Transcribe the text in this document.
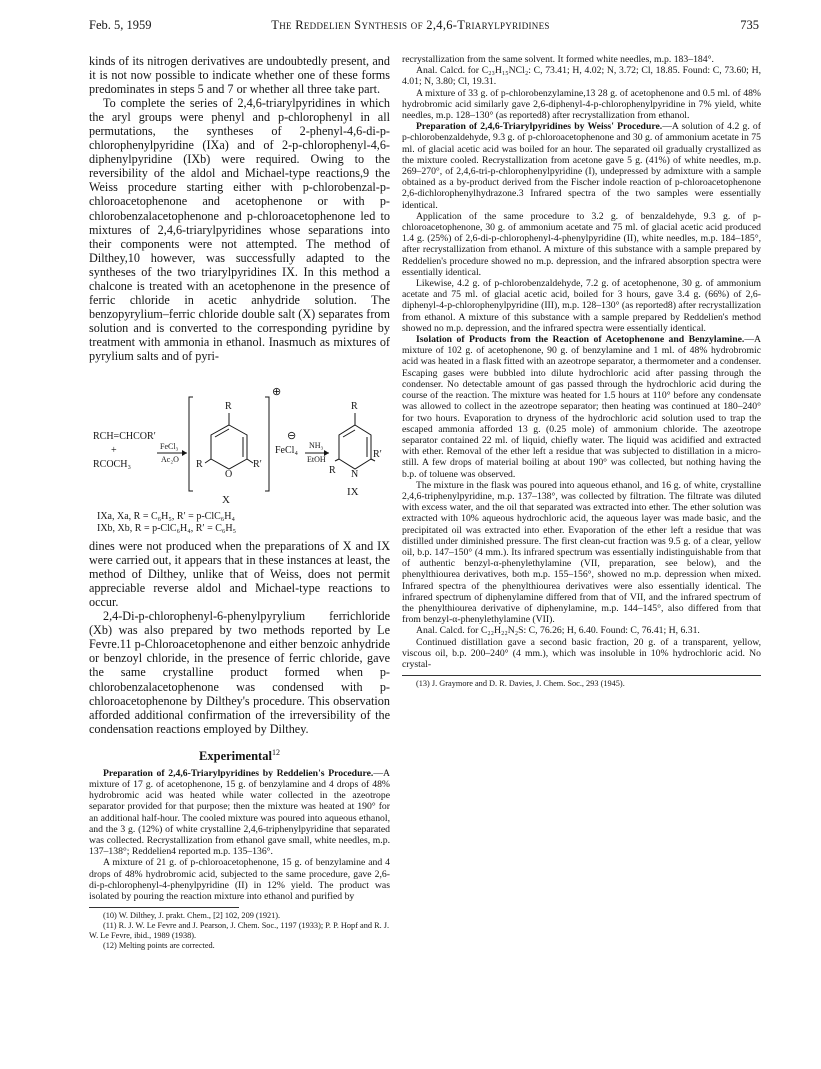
Feb. 5, 1959	The Reddelien Synthesis of 2,4,6-Triarylpyridines	735

kinds of its nitrogen derivatives are undoubtedly present, and it is not now possible to indicate whether one of these forms predominates in steps 5 and 7 or whether all three take part.

To complete the series of 2,4,6-triarylpyridines in which the aryl groups were phenyl and p-chlorophenyl in all permutations, the syntheses of 2-phenyl-4,6-di-p-chlorophenylpyridine (IXa) and of 2-p-chlorophenyl-4,6-diphenylpyridine (IXb) were required. Owing to the reversibility of the aldol and Michael-type reactions,9 the Weiss procedure starting either with p-chlorobenzal-p-chloroacetophenone and acetophenone or with p-chlorobenzalacetophenone and p-chloroacetophenone led to mixtures of 2,4,6-triarylpyridines whose separations into their components were not attempted. The method of Dilthey,10 however, was successfully adapted to the syntheses of the two triarylpyridines IX. In this method a chalcone is treated with an acetophenone in the presence of ferric chloride in acetic anhydride solution. The benzopyrylium–ferric chloride double salt (X) separates from solution and is converted to the corresponding pyridine by treatment with ammonia in ethanol. Inasmuch as mixtures of pyrylium salts and of pyri-

RCH=CHCOR′
+
RCOCH₃
FeCl₃
Ac₂O
⊕
R
O
R	R′
FeCl₄
⊖
NH₃
EtOH
R
N
R
R′
X
IX
IXa, Xa, R = C₆H₅, R′ = p-ClC₆H₄
IXb, Xb, R = p-ClC₆H₄, R′ = C₆H₅

dines were not produced when the preparations of X and IX were carried out, it appears that in these instances at least, the method of Dilthey, unlike that of Weiss, does not permit appreciable reverse aldol and Michael-type reactions to occur.

2,4-Di-p-chlorophenyl-6-phenylpyrylium ferrichloride (Xb) was also prepared by two methods reported by Le Fevre.11 p-Chloroacetophenone and either benzoic anhydride or benzoyl chloride, in the presence of ferric chloride, gave the same crystalline product formed when p-chlorobenzalacetophenone was condensed with p-chloroacetophenone by Dilthey's procedure. This observation afforded additional confirmation of the irreversibility of the condensation reactions employed by Dilthey.

Experimental$^{12}$

Preparation of 2,4,6-Triarylpyridines by Reddelien's Procedure.—A mixture of 17 g. of acetophenone, 15 g. of benzylamine and 4 drops of 48% hydrobromic acid was heated while water collected in the azeotrope separator provided for that purpose; then the mixture was heated at 190° for an additional half-hour. The cooled mixture was poured into aqueous ethanol, and the 3 g. (12%) of white crystalline 2,4,6-triphenylpyridine that separated was collected. Recrystallization from ethanol gave small, white needles, m.p. 137–138°; Reddelien4 reported m.p. 135–136°.

A mixture of 21 g. of p-chloroacetophenone, 15 g. of benzylamine and 4 drops of 48% hydrobromic acid, subjected to the same procedure, gave 2,6-di-p-chlorophenyl-4-phenylpyridine (II) in 12% yield. The product was isolated by pouring the reaction mixture into ethanol and purified by

(10) W. Dilthey, J. prakt. Chem., [2] 102, 209 (1921).

(11) R. J. W. Le Fevre and J. Pearson, J. Chem. Soc., 1197 (1933); P. P. Hopf and R. J. W. Le Fevre, ibid., 1989 (1938).

(12) Melting points are corrected.

recrystallization from the same solvent. It formed white needles, m.p. 183–184°.

Anal. Calcd. for C₂₃H₁₅NCl₂: C, 73.41; H, 4.02; N, 3.72; Cl, 18.85. Found: C, 73.60; H, 4.01; N, 3.80; Cl, 19.31.

A mixture of 33 g. of p-chlorobenzylamine,13 28 g. of acetophenone and 0.5 ml. of 48% hydrobromic acid similarly gave 2,6-diphenyl-4-p-chlorophenylpyridine in 7% yield, white needles, m.p. 128–130° (as reported8) after recrystallization from ethanol.

Preparation of 2,4,6-Triarylpyridines by Weiss' Procedure.—A solution of 4.2 g. of p-chlorobenzaldehyde, 9.3 g. of p-chloroacetophenone and 30 g. of ammonium acetate in 75 ml. of glacial acetic acid was boiled for an hour. The separated oil gradually crystallized as the mixture cooled. Recrystallization from acetone gave 5 g. (41%) of white needles, m.p. 269–270°, of 2,4,6-tri-p-chlorophenylpyridine (I), undepressed by admixture with a sample obtained as a by-product derived from the Fischer indole reaction of p-chloroacetophenone 2,6-dichlorophenylhydrazone.3 Infrared spectra of the two samples were essentially identical.

Application of the same procedure to 3.2 g. of benzaldehyde, 9.3 g. of p-chloroacetophenone, 30 g. of ammonium acetate and 75 ml. of glacial acetic acid produced 1.4 g. (25%) of 2,6-di-p-chlorophenyl-4-phenylpyridine (II), white needles, m.p. 184–185°, after recrystallization from ethanol. A mixture of this substance with a sample prepared by Reddelien's procedure showed no m.p. depression, and the infrared absorption spectra were essentially identical.

Likewise, 4.2 g. of p-chlorobenzaldehyde, 7.2 g. of acetophenone, 30 g. of ammonium acetate and 75 ml. of glacial acetic acid, boiled for 3 hours, gave 3.4 g. (66%) of 2,6-diphenyl-4-p-chlorophenylpyridine (III), m.p. 128–130° (as reported8) after recrystallization from ethanol. A mixture of this substance with a sample prepared by Reddelien's method showed no m.p. depression, and the infrared spectra were essentially identical.

Isolation of Products from the Reaction of Acetophenone and Benzylamine.—A mixture of 102 g. of acetophenone, 90 g. of benzylamine and 1 ml. of 48% hydrobromic acid was heated in a flask fitted with an azeotrope separator, a thermometer and a condenser. Escaping gases were bubbled into dilute hydrochloric acid after passing through the condenser. No detectable amount of gas passed through the hydrochloric acid during the course of the reaction. The mixture was heated for 1.5 hours at 110° before any condensate was allowed to collect in the azeotrope separator; then heating was continued at 180–240° for two hours. Evaporation to dryness of the hydrochloric acid solution used to trap the escaped ammonia afforded 13 g. (0.25 mole) of ammonium chloride. The azeotrope separator contained 22 ml. of liquid, chiefly water. The liquid was acidified and extracted with ether. Removal of the ether left a residue that was subjected to distillation in a micro-still. A few drops of material boiling at about 190° was collected, but nothing having the b.p. of toluene was observed.

The mixture in the flask was poured into aqueous ethanol, and 16 g. of white, crystalline 2,4,6-triphenylpyridine, m.p. 137–138°, was collected by filtration. The filtrate was diluted with excess water, and the oil that separated was extracted into ether. The ether solution was extracted with 10% aqueous hydrochloric acid, the aqueous layer was made basic, and the precipitated oil was extracted into ether. Evaporation of the ether left a residue that was distilled under diminished pressure. The first clean-cut fraction was 9.5 g. of a clear, yellow oil, b.p. 147–150° (4 mm.). Its infrared spectrum was essentially indistinguishable from that of authentic benzyl-α-phenylethylamine (VII, preparation, see below), and the phenylthiourea derivatives, both m.p. 155–156°, showed no m.p. depression when mixed. Infrared spectra of the phenylthiourea derivatives were also essentially identical. The infrared spectrum of diphenylamine differed from that of VII, and the infrared spectrum of the phenylthiourea derivative of diphenylamine, m.p. 144–145°, also differed from that from benzyl-α-phenylethylamine (VII).

Anal. Calcd. for C₂₂H₂₂N₂S: C, 76.26; H, 6.40. Found: C, 76.41; H, 6.31.

Continued distillation gave a second basic fraction, 20 g. of a transparent, yellow, viscous oil, b.p. 200–240° (4 mm.), which was insoluble in 10% hydrochloric acid. No crystal-

(13) J. Graymore and D. R. Davies, J. Chem. Soc., 293 (1945).
